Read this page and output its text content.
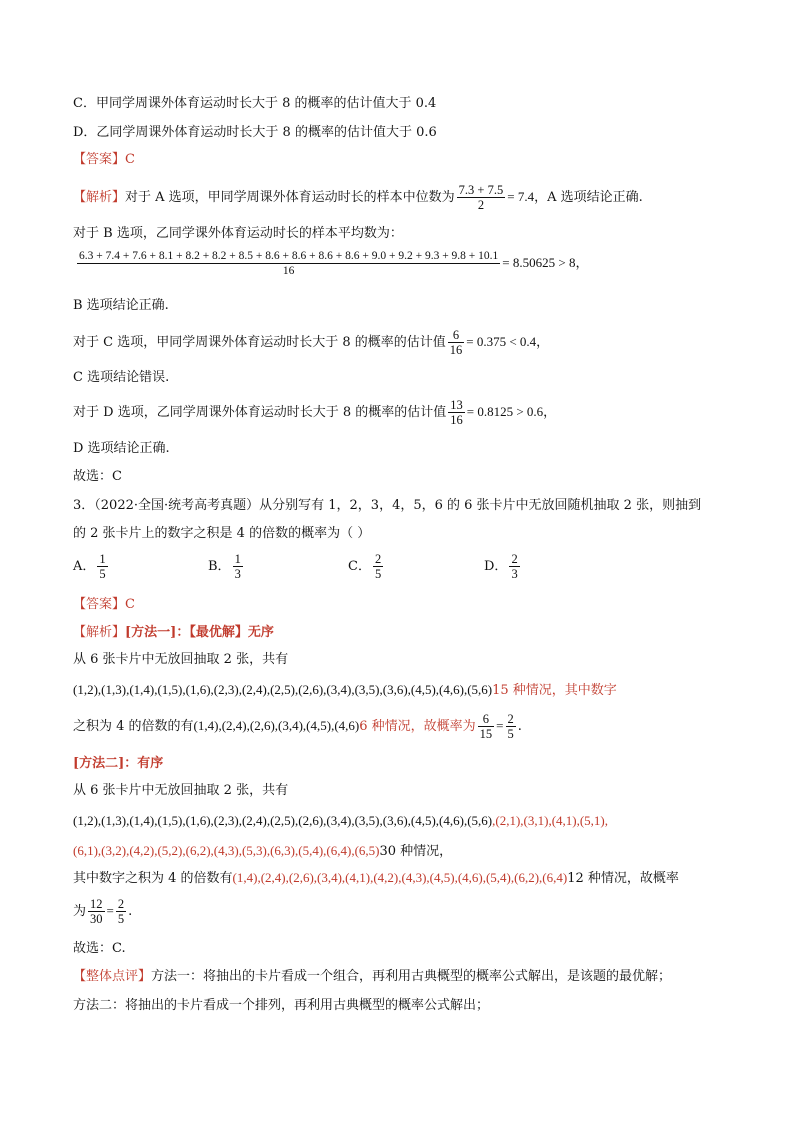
C．甲同学周课外体育运动时长大于 8 的概率的估计值大于 0.4
D．乙同学周课外体育运动时长大于 8 的概率的估计值大于 0.6
【答案】C
【解析】对于 A 选项，甲同学周课外体育运动时长的样本中位数为 $\frac{7.3 + 7.5}{2} = 7.4$，A 选项结论正确.
对于 B 选项，乙同学课外体育运动时长的样本平均数为：
6.3 + 7.4 + 7.6 + 8.1 + 8.2 + 8.2 + 8.5 + 8.6 + 8.6 + 8.6 + 8.6 + 9.0 + 9.2 + 9.3 + 9.8 + 10.1
16
= 8.50625 > 8，
B 选项结论正确.
对于 C 选项，甲同学周课外体育运动时长大于 8 的概率的估计值 $\frac{6}{16} = 0.375 < 0.4$，
C 选项结论错误.
对于 D 选项，乙同学周课外体育运动时长大于 8 的概率的估计值 $\frac{13}{16} = 0.8125 > 0.6$，
D 选项结论正确.
故选：C
3．（2022·全国·统考高考真题）从分别写有 1，2，3，4，5，6 的 6 张卡片中无放回随机抽取 2 张，则抽到
的 2 张卡片上的数字之积是 4 的倍数的概率为（ ）
A． $\frac{1}{5}$	B． $\frac{1}{3}$	C． $\frac{2}{5}$	D． $\frac{2}{3}$
【答案】C
【解析】[方法一]：【最优解】无序
从 6 张卡片中无放回抽取 2 张，共有
(1,2),(1,3),(1,4),(1,5),(1,6),(2,3),(2,4),(2,5),(2,6),(3,4),(3,5),(3,6),(4,5),(4,6),(5,6)15 种情况，其中数字
之积为 4 的倍数的有(1,4),(2,4),(2,6),(3,4),(4,5),(4,6)6 种情况，故概率为 $\frac{6}{15} = \frac{2}{5}$ .
[方法二]：有序
从 6 张卡片中无放回抽取 2 张，共有
(1,2),(1,3),(1,4),(1,5),(1,6),(2,3),(2,4),(2,5),(2,6),(3,4),(3,5),(3,6),(4,5),(4,6),(5,6),(2,1),(3,1),(4,1),(5,1),
(6,1),(3,2),(4,2),(5,2),(6,2),(4,3),(5,3),(6,3),(5,4),(6,4),(6,5)30 种情况，
其中数字之积为 4 的倍数有(1,4),(2,4),(2,6),(3,4),(4,1),(4,2),(4,3),(4,5),(4,6),(5,4),(6,2),(6,4)12 种情况，故概率
为 $\frac{12}{30} = \frac{2}{5}$ .
故选：C.
【整体点评】方法一：将抽出的卡片看成一个组合，再利用古典概型的概率公式解出，是该题的最优解；
方法二：将抽出的卡片看成一个排列，再利用古典概型的概率公式解出；
